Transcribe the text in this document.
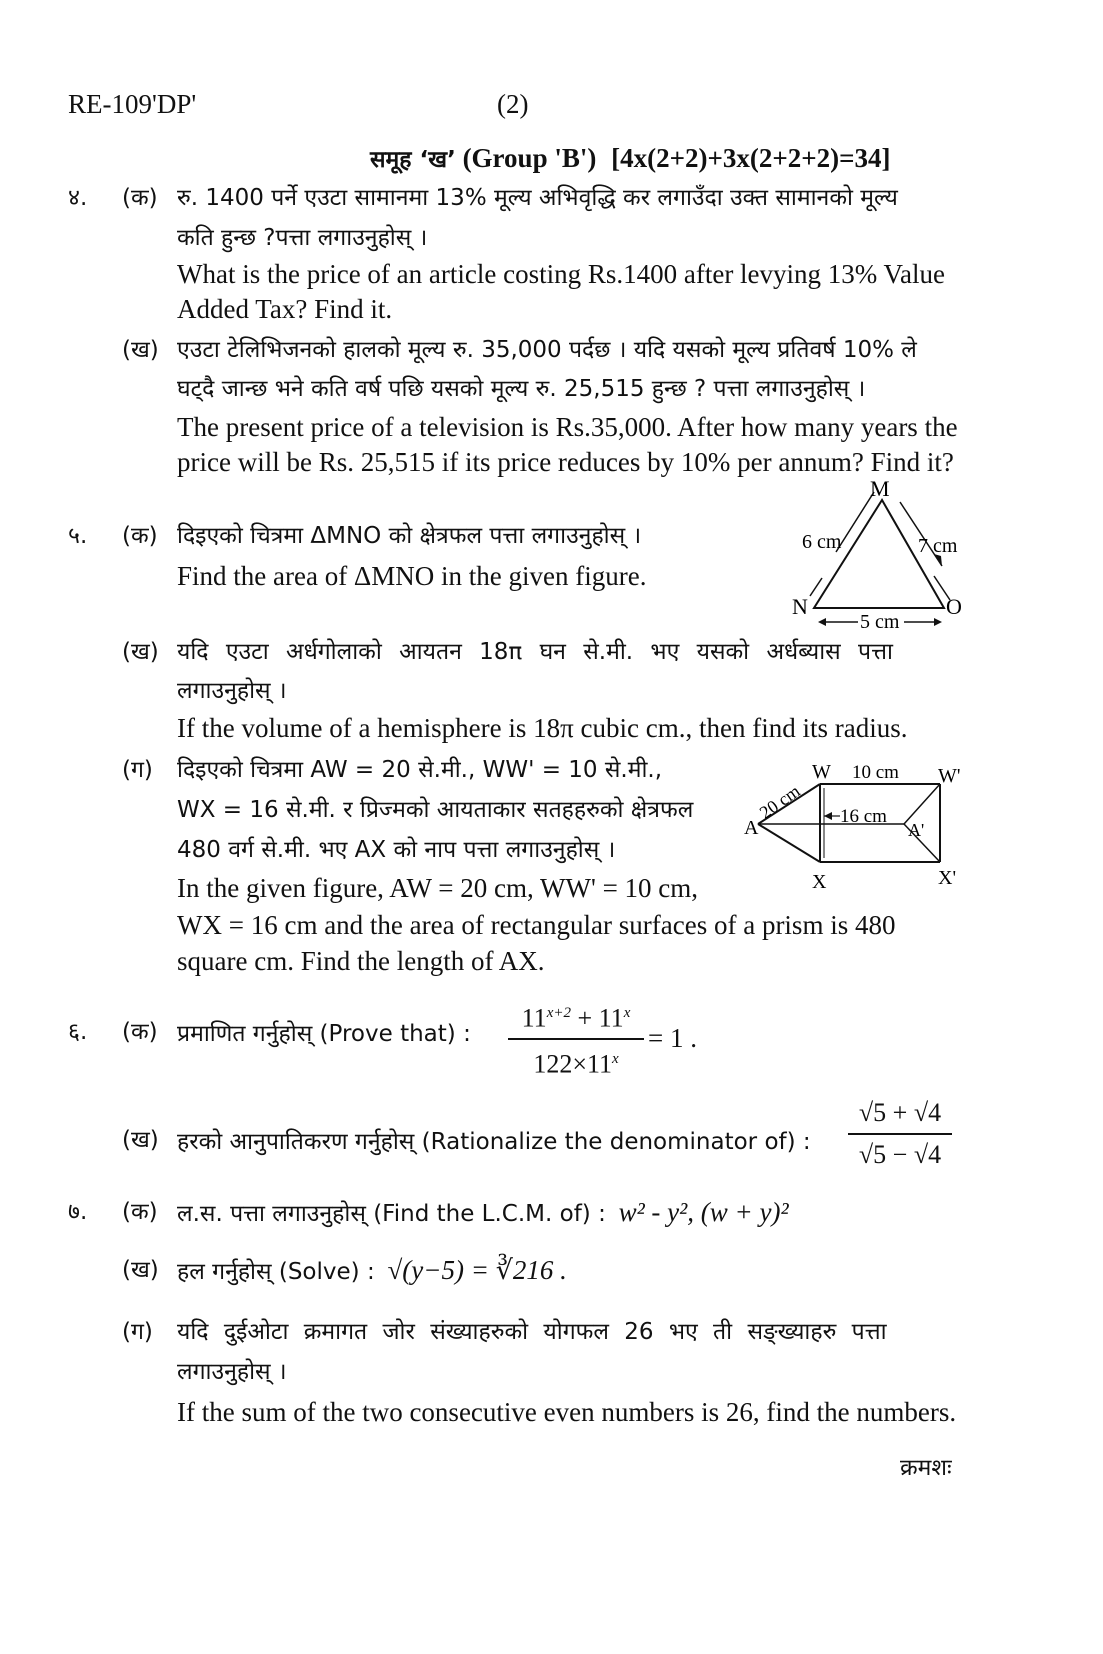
RE-109'DP'	(2)
समूह ‘ख’ (Group 'B') [4x(2+2)+3x(2+2+2)=34]
४. (क) रु. 1400 पर्ने एउटा सामानमा 13% मूल्य अभिवृद्धि कर लगाउँदा उक्त सामानको मूल्य
कति हुन्छ ?पत्ता लगाउनुहोस् ।
What is the price of an article costing Rs.1400 after levying 13% Value
Added Tax? Find it.
(ख) एउटा टेलिभिजनको हालको मूल्य रु. 35,000 पर्दछ । यदि यसको मूल्य प्रतिवर्ष 10% ले
घट्दै जान्छ भने कति वर्ष पछि यसको मूल्य रु. 25,515 हुन्छ ? पत्ता लगाउनुहोस् ।
The present price of a television is Rs.35,000. After how many years the
price will be Rs. 25,515 if its price reduces by 10% per annum? Find it?
५. (क) दिइएको चित्रमा ΔMNO को क्षेत्रफल पत्ता लगाउनुहोस् ।
Find the area of ΔMNO in the given figure.
M
N	O
6 cm	7 cm
5 cm
(ख) यदि एउटा अर्धगोलाको आयतन 18π घन से.मी. भए यसको अर्धब्यास पत्ता
लगाउनुहोस् ।
If the volume of a hemisphere is 18π cubic cm., then find its radius.
(ग) दिइएको चित्रमा AW = 20 से.मी., WW' = 10 से.मी.,
WX = 16 से.मी. र प्रिज्मको आयताकार सतहहरुको क्षेत्रफल
480 वर्ग से.मी. भए AX को नाप पत्ता लगाउनुहोस् ।
In the given figure, AW = 20 cm, WW' = 10 cm,
WX = 16 cm and the area of rectangular surfaces of a prism is 480
square cm. Find the length of AX.
W 10 cm W'
20 cm
A
16 cm
A'
X	X'
६. (क) प्रमाणित गर्नुहोस् (Prove that) :
$11^{x+2} + 11^x$
$122\times 11^x$
= 1 .
(ख) हरको आनुपातिकरण गर्नुहोस् (Rationalize the denominator of) :
√5 + √4
√5 − √4
७. (क) ल.स. पत्ता लगाउनुहोस् (Find the L.C.M. of) : w² - y², (w + y)²
(ख) हल गर्नुहोस् (Solve) : √(y−5) = ∛216 .
(ग) यदि दुईओटा क्रमागत जोर संख्याहरुको योगफल 26 भए ती सङ्ख्याहरु पत्ता
लगाउनुहोस् ।
If the sum of the two consecutive even numbers is 26, find the numbers.
क्रमशः
